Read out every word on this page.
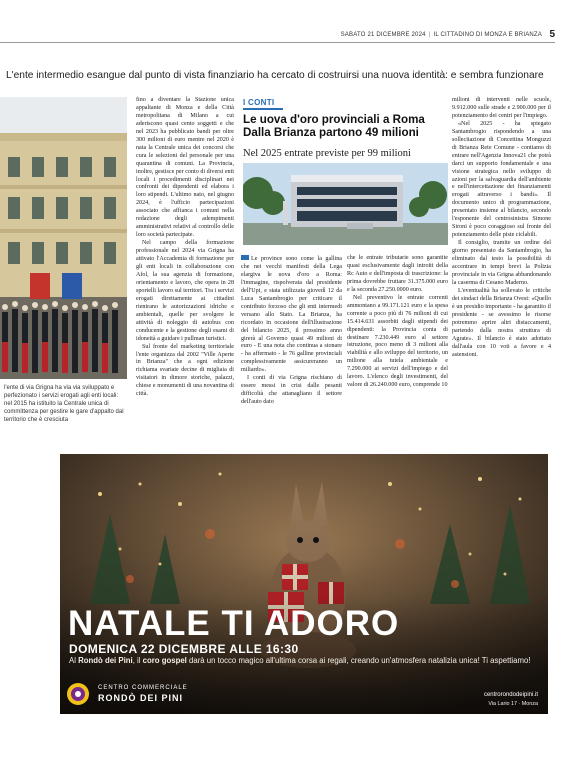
SABATO 21 DICEMBRE 2024 | IL CITTADINO DI MONZA E BRIANZA 5
L'ente intermedio esangue dal punto di vista finanziario ha cercato di costruirsi una nuova identità: e sembra funzionare
l'ente di via Grigna ha via via sviluppato e perfezionato i servizi erogati agli enti locali: nel 2015 ha istituito la Centrale unica di committenza per gestire le gare d'appalto dal territorio che è cresciuta

fino a diventare la Stazione unica appaltante di Monza e della Città metropolitana di Milano a cui aderiscono quasi cento soggetti e che nel 2023 ha pubblicato bandi per oltre 300 milioni di euro mentre nel 2020 è nata la Centrale unica dei concorsi che cura le selezioni del personale per una quarantina di comuni. La Provincia, inoltre, gestisce per conto di diversi enti locali i procedimenti disciplinari nei confronti dei dipendenti ed elabora i loro stipendi. L'ultimo nato, nel giugno 2024, è l'ufficio partecipazioni associato che affianca i comuni nella redazione degli adempimenti amministrativi relativi al controllo delle loro società partecipate.

Nel campo della formazione professionale nel 2024 via Grigna ha attivato l'Accademia di formazione per gli enti locali in collaborazione con Afol, la sua agenzia di formazione, orientamento e lavoro, che opera in 28 sportelli lavoro sul territori. Tra i servizi erogati direttamente ai cittadini rientrano le autorizzazioni idriche e ambientali, quelle per svolgere le attività di noleggio di autobus con conducente e la gestione degli esami di idoneità a guidare i pullman turistici.

Sul fronte del marketing territoriale l'ente organizza dal 2002 "Ville Aperte in Brianza" che a ogni edizione richiama svariate decine di migliaia di visitatori in dimore storiche, palazzi, chiese e monumenti di una novantina di città.

I CONTI
Le uova d'oro provinciali a Roma Dalla Brianza partono 49 milioni
Nel 2025 entrate previste per 99 milioni

Le province sono come la gallina che nei vecchi manifesti della Lega elargiva le uova d'oro a Roma: l'immagine, rispolverata dal presidente dell'Upi, e stata utilizzata giovedì 12 da Luca Santambrogio per criticare il contributo forzoso che gli enti intermedi versano allo Stato. La Brianza, ha ricordato in occasione dell'illustrazione del bilancio 2025, il prossimo anno girerà al Governo quasi 49 milioni di euro - E una nota che continua a stonare - ha affermato - le 76 galline provinciali complessivamente assicureranno un miliardo».

I conti di via Grigna rischiano di essere messi in crisi dalle pesanti difficoltà che attanagliano il settore dell'auto dato

che le entrate tributarie sono garantite quasi esclusivamente dagli introiti della Rc Auto e dell'imposta di trascrizione: la prima dovrebbe fruttare 31.375.000 euro e la seconda 27.250.0000 euro.

Nel preventivo le entrate correnti ammontano a 99.171.121 euro e la spesa corrente a poco più di 76 milioni di cui 15.414.631 assorbiti dagli stipendi dei dipendenti: la Provincia conta di destinare 7.230.449 euro al settore istruzione, poco meno di 3 milioni alla viabilità e allo sviluppo del territorio, un milione alla tutela ambientale e 7.290.000 ai servizi dell'impiego e del lavoro. L'elenco degli investimenti, del valore di 26.240.000 euro, comprende 10

milioni di interventi nelle scuole, 9.912.000 sulle strade e 2.900.000 per il potenziamento dei centri per l'impiego.

«Nel 2025 - ha spiegato Santambrogio rispondendo a una sollecitazione di Concettina Monguzzi di Brianza Rete Comune - contiamo di entrare nell'Agenzia Innova21 che potrà darci un supporto fondamentale e una visione strategica nello sviluppo di azioni per la salvaguardia dell'ambiente e nell'intercettazione dei finanziamenti erogati attraverso i bandi». Il documento unico di programmazione, presentato insieme al bilancio, secondo l'esponente del centrosinistra Simone Sironi è poco coraggioso sul fronte del potenziamento delle piste ciclabili.

Il consiglio, tramite un ordine del giorno presentato da Santambrogio, ha eliminato dal testo la possibilità di accentrare in tempi brevi la Polizia provinciale in via Grigna abbandonando la caserma di Cesano Maderno.

L'eventualità ha sollevato le critiche dei sindaci della Brianza Ovest: «Quello è un presidio importante - ha garantito il presidente - se avessimo le risorse potremmo aprire altri distaccamenti, partendo dalla nostra struttura di Agrate». Il bilancio è stato adottato dall'aula con 10 voti a favore e 4 astensioni.

NATALE TI ADORO
DOMENICA 22 DICEMBRE ALLE 16:30
Al Rondò dei Pini, il coro gospel darà un tocco magico all'ultima corsa ai regali, creando un'atmosfera natalizia unica! Ti aspettiamo!
CENTRO COMMERCIALE
RONDÒ DEI PINI	centrorondodeipini.it
Via Lario 17 · Monza
